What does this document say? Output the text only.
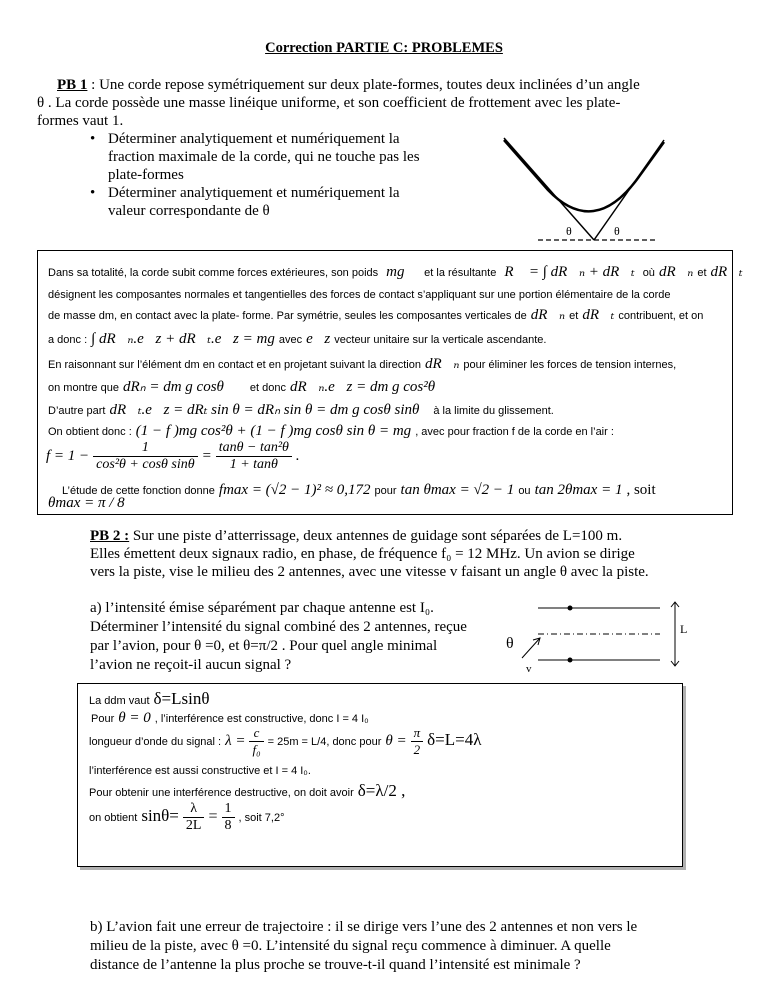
Correction PARTIE C: PROBLEMES
PB 1 : Une corde repose symétriquement sur deux plate-formes, toutes deux inclinées d’un angle
θ . La corde possède une masse linéique uniforme, et son coefficient de frottement avec les plate-
formes vaut 1.
• Déterminer analytiquement et numériquement la
fraction maximale de la corde, qui ne touche pas les
plate-formes
• Déterminer analytiquement et numériquement la
valeur correspondante de θ
θ	θ
Dans sa totalité, la corde subit comme forces extérieures, son poids mg⃗ et la résultante R⃗ = ∫ dR⃗ₙ + dR⃗ₜ où dR⃗ₙ et dR⃗ₜ
désignent les composantes normales et tangentielles des forces de contact s’appliquant sur une portion élémentaire de la corde
de masse dm, en contact avec la plate- forme. Par symétrie, seules les composantes verticales de dR⃗ₙ et dR⃗ₜ contribuent, et on
a donc : ∫ dR⃗ₙ.e⃗z + dR⃗ₜ.e⃗z = mg avec e⃗z vecteur unitaire sur la verticale ascendante.
En raisonnant sur l’élément dm en contact et en projetant suivant la direction dR⃗ₙ pour éliminer les forces de tension internes,
on montre que dRₙ = dm g cosθ et donc dR⃗ₙ.e⃗z = dm g cos²θ
D’autre part dR⃗ₜ.e⃗z = dRₜ sin θ = dRₙ sin θ = dm g cosθ sinθ à la limite du glissement.
On obtient donc : (1 − f )mg cos²θ + (1 − f )mg cosθ sin θ = mg , avec pour fraction f de la corde en l’air :
$f = 1 - \frac{1}{\text{cos²θ + cosθ sinθ}} = \frac{\text{tanθ − tan²θ}}{1 + \tan\theta}$ .
L’étude de cette fonction donne fmax = (√2 − 1)² ≈ 0,172 pour tan θmax = √2 − 1 ou tan 2θmax = 1 , soit
θmax = π / 8
PB 2 : Sur une piste d’atterrissage, deux antennes de guidage sont séparées de L=100 m.
Elles émettent deux signaux radio, en phase, de fréquence f₀ = 12 MHz. Un avion se dirige
vers la piste, vise le milieu des 2 antennes, avec une vitesse v faisant un angle θ avec la piste.
a) l’intensité émise séparément par chaque antenne est I₀.
Déterminer l’intensité du signal combiné des 2 antennes, reçue
par l’avion, pour θ =0, et θ=π/2 . Pour quel angle minimal
l’avion ne reçoit-il aucun signal ?
L
θ
v
La ddm vaut δ=Lsinθ
Pour θ = 0 , l’interférence est constructive, donc I = 4 I₀
longueur d’onde du signal : $\lambda = \frac{c}{\text{f₀}} = 25m = L/4$, donc pour $\theta = \frac{\pi}{2} \delta=L=4\lambda$
l’interférence est aussi constructive et I = 4 I₀.
Pour obtenir une interférence destructive, on doit avoir δ=λ/2 ,
on obtient $\sin\theta= \frac{\lambda}{2L} = \frac{1}{8}$ , soit 7,2°
b) L’avion fait une erreur de trajectoire : il se dirige vers l’une des 2 antennes et non vers le
milieu de la piste, avec θ =0. L’intensité du signal reçu commence à diminuer. A quelle
distance de l’antenne la plus proche se trouve-t-il quand l’intensité est minimale ?
